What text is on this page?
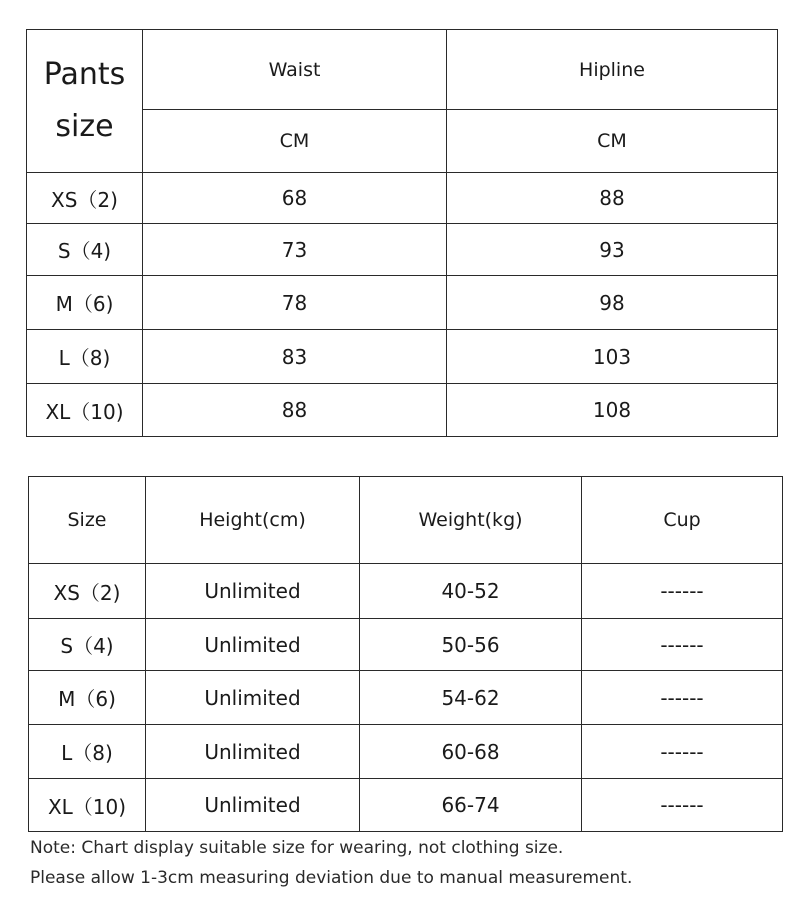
Pants
size	Waist	Hipline
	CM	CM
XS（2)	68	88
S（4)	73	93
M（6)	78	98
L（8)	83	103
XL（10)	88	108
Size	Height(cm)	Weight(kg)	Cup
XS（2)	Unlimited	40-52	------
S（4)	Unlimited	50-56	------
M（6)	Unlimited	54-62	------
L（8)	Unlimited	60-68	------
XL（10)	Unlimited	66-74	------
Note: Chart display suitable size for wearing, not clothing size.
Please allow 1-3cm measuring deviation due to manual measurement.
